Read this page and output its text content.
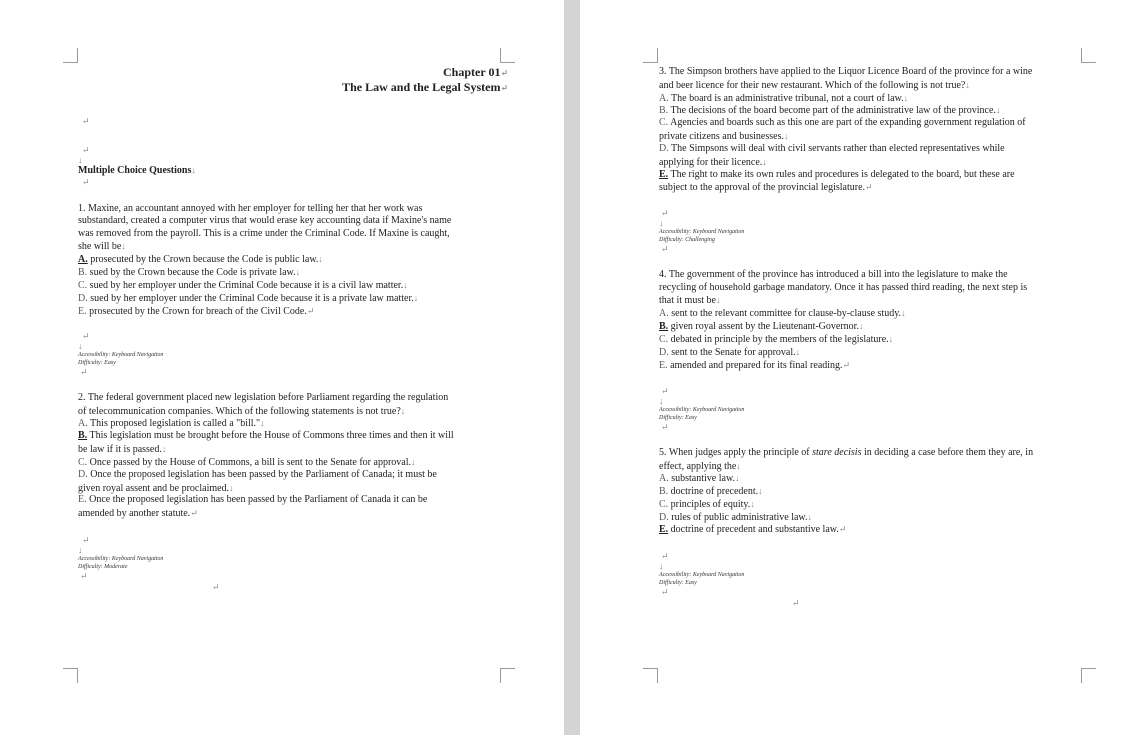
Chapter 01↵
The Law and the Legal System↵
↵
↵
↓
Multiple Choice Questions↓
↵
1. Maxine, an accountant annoyed with her employer for telling her that her work was
substandard, created a computer virus that would erase key accounting data if Maxine's name
was removed from the payroll. This is a crime under the Criminal Code. If Maxine is caught,
she will be↓
A. prosecuted by the Crown because the Code is public law.↓
B. sued by the Crown because the Code is private law.↓
C. sued by her employer under the Criminal Code because it is a civil law matter.↓
D. sued by her employer under the Criminal Code because it is a private law matter.↓
E. prosecuted by the Crown for breach of the Civil Code.↵
↵
↓
Accessibility: Keyboard Navigation
Difficulty: Easy
↵
2. The federal government placed new legislation before Parliament regarding the regulation
of telecommunication companies. Which of the following statements is not true?↓
A. This proposed legislation is called a "bill."↓
B. This legislation must be brought before the House of Commons three times and then it will
be law if it is passed.↓
C. Once passed by the House of Commons, a bill is sent to the Senate for approval.↓
D. Once the proposed legislation has been passed by the Parliament of Canada; it must be
given royal assent and be proclaimed.↓
E. Once the proposed legislation has been passed by the Parliament of Canada it can be
amended by another statute.↵
↵
↓
Accessibility: Keyboard Navigation
Difficulty: Moderate
↵
↵
3. The Simpson brothers have applied to the Liquor Licence Board of the province for a wine
and beer licence for their new restaurant. Which of the following is not true?↓
A. The board is an administrative tribunal, not a court of law.↓
B. The decisions of the board become part of the administrative law of the province.↓
C. Agencies and boards such as this one are part of the expanding government regulation of
private citizens and businesses.↓
D. The Simpsons will deal with civil servants rather than elected representatives while
applying for their licence.↓
E. The right to make its own rules and procedures is delegated to the board, but these are
subject to the approval of the provincial legislature.↵
↵
↓
Accessibility: Keyboard Navigation
Difficulty: Challenging
↵
4. The government of the province has introduced a bill into the legislature to make the
recycling of household garbage mandatory. Once it has passed third reading, the next step is
that it must be↓
A. sent to the relevant committee for clause-by-clause study.↓
B. given royal assent by the Lieutenant-Governor.↓
C. debated in principle by the members of the legislature.↓
D. sent to the Senate for approval.↓
E. amended and prepared for its final reading.↵
↵
↓
Accessibility: Keyboard Navigation
Difficulty: Easy
↵
5. When judges apply the principle of stare decisis in deciding a case before them they are, in
effect, applying the↓
A. substantive law.↓
B. doctrine of precedent.↓
C. principles of equity.↓
D. rules of public administrative law.↓
E. doctrine of precedent and substantive law.↵
↵
↓
Accessibility: Keyboard Navigation
Difficulty: Easy
↵
↵
